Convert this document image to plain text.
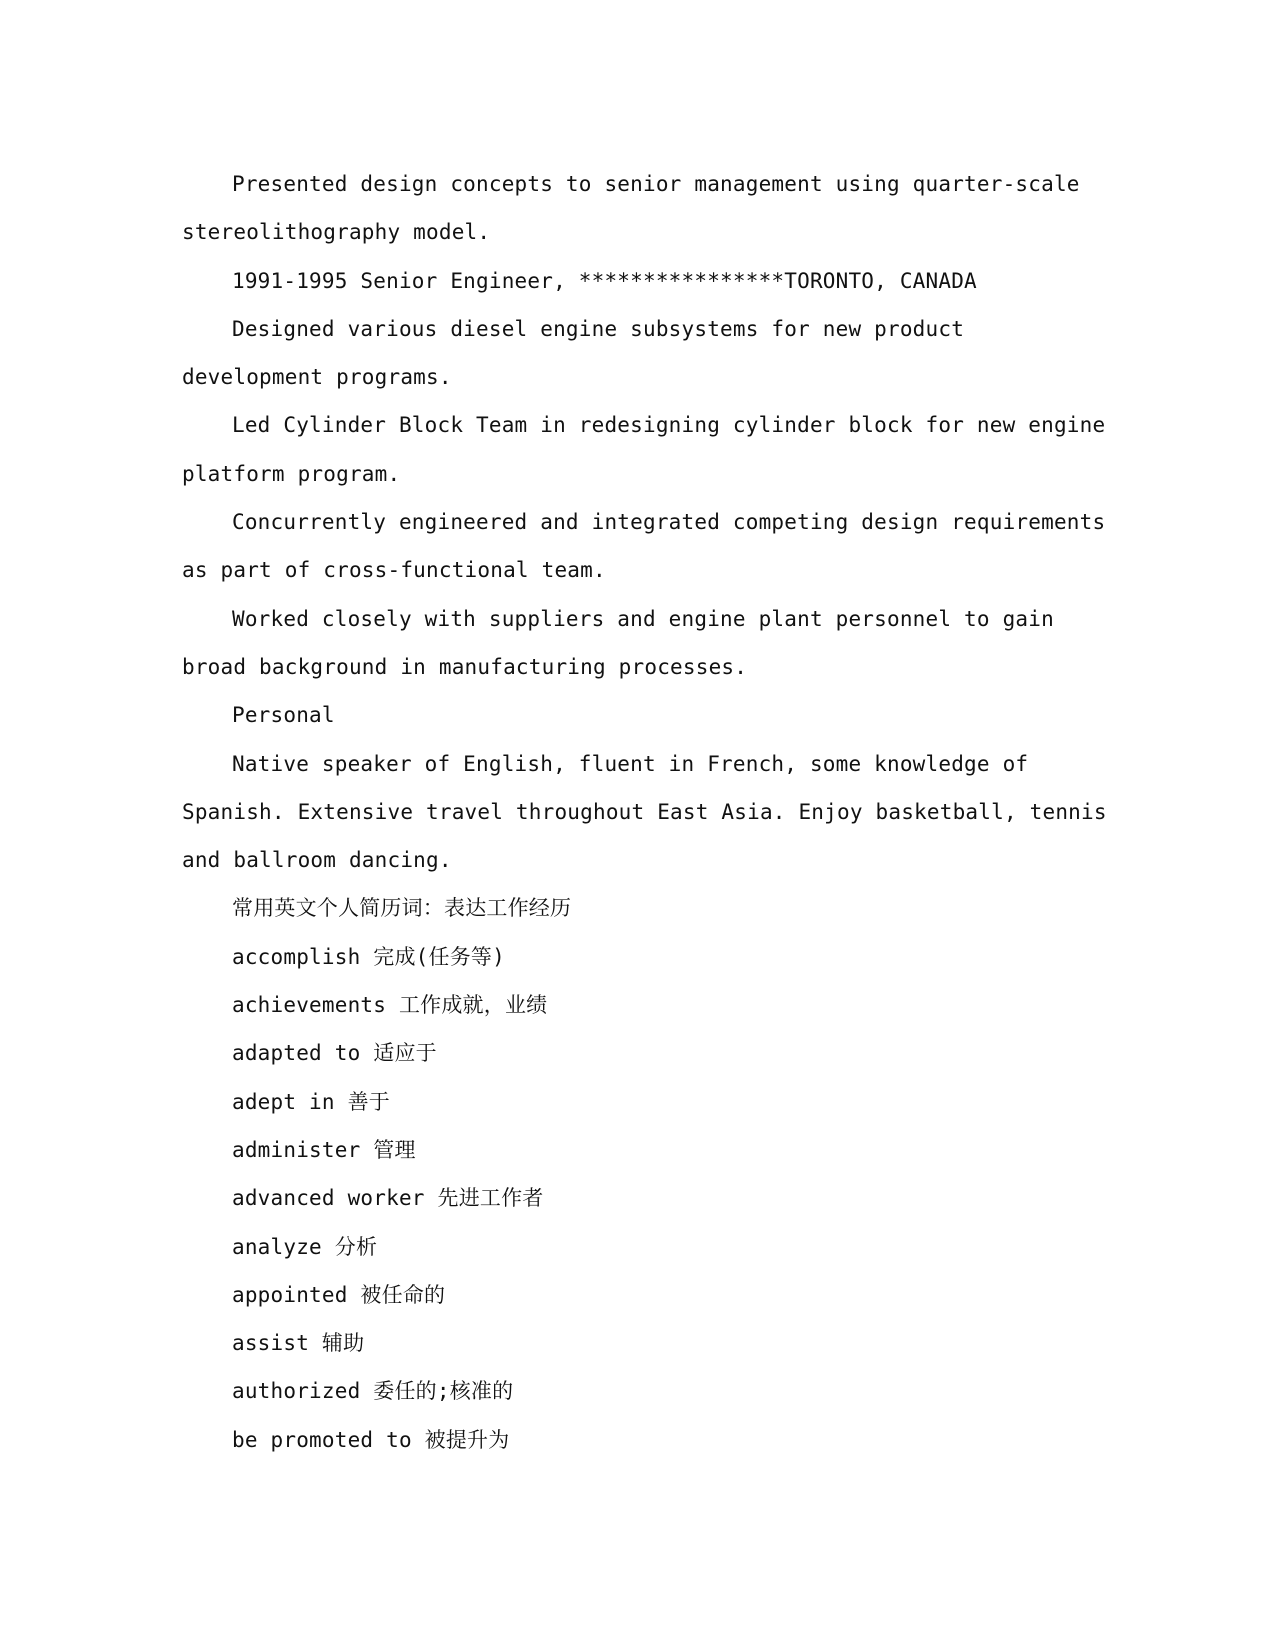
Presented design concepts to senior management using quarter-scale

stereolithography model.

1991-1995 Senior Engineer, ****************TORONTO, CANADA

Designed various diesel engine subsystems for new product

development programs.

Led Cylinder Block Team in redesigning cylinder block for new engine

platform program.

Concurrently engineered and integrated competing design requirements

as part of cross-functional team.

Worked closely with suppliers and engine plant personnel to gain

broad background in manufacturing processes.

Personal

Native speaker of English, fluent in French, some knowledge of

Spanish. Extensive travel throughout East Asia. Enjoy basketball, tennis

and ballroom dancing.

常用英文个人简历词：表达工作经历

accomplish 完成(任务等)

achievements 工作成就，业绩

adapted to 适应于

adept in 善于

administer 管理

advanced worker 先进工作者

analyze 分析

appointed 被任命的

assist 辅助

authorized 委任的;核准的

be promoted to 被提升为
